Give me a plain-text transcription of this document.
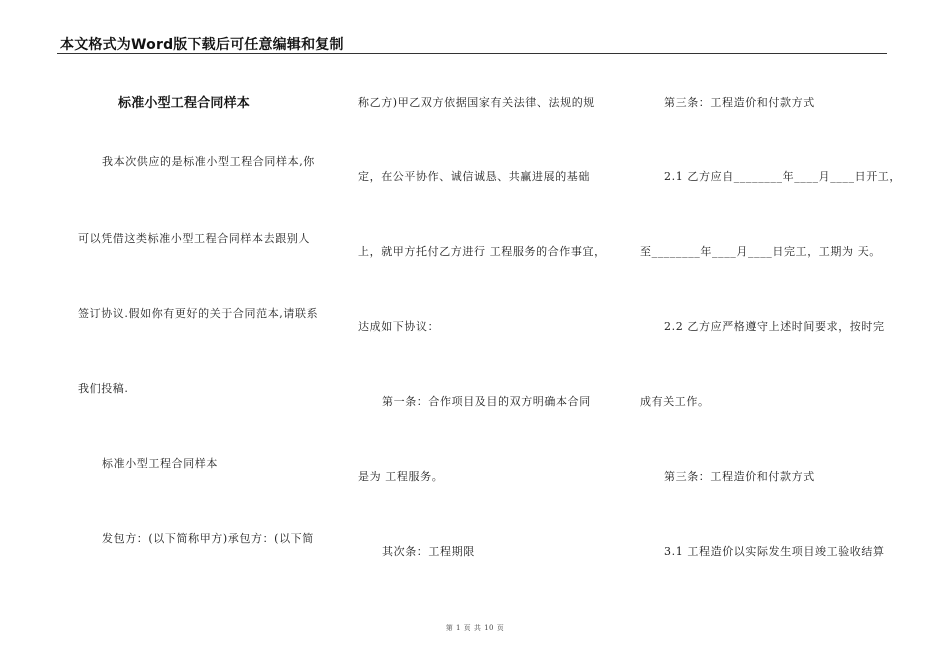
本文格式为Word版下载后可任意编辑和复制
标准小型工程合同样本
我本次供应的是标准小型工程合同样本,你
可以凭借这类标准小型工程合同样本去跟别人
签订协议.假如你有更好的关于合同范本,请联系
我们投稿.
标准小型工程合同样本
发包方：(以下简称甲方)承包方：(以下简
称乙方)甲乙双方依据国家有关法律、法规的规
定，在公平协作、诚信诚恳、共赢进展的基础
上，就甲方托付乙方进行 工程服务的合作事宜，
达成如下协议：
第一条：合作项目及目的双方明确本合同
是为 工程服务。
其次条：工程期限
第三条：工程造价和付款方式
2.1 乙方应自________年____月____日开工，
至________年____月____日完工，工期为 天。
2.2 乙方应严格遵守上述时间要求，按时完
成有关工作。
第三条：工程造价和付款方式
3.1 工程造价以实际发生项目竣工验收结算
第 1 页 共 10 页
